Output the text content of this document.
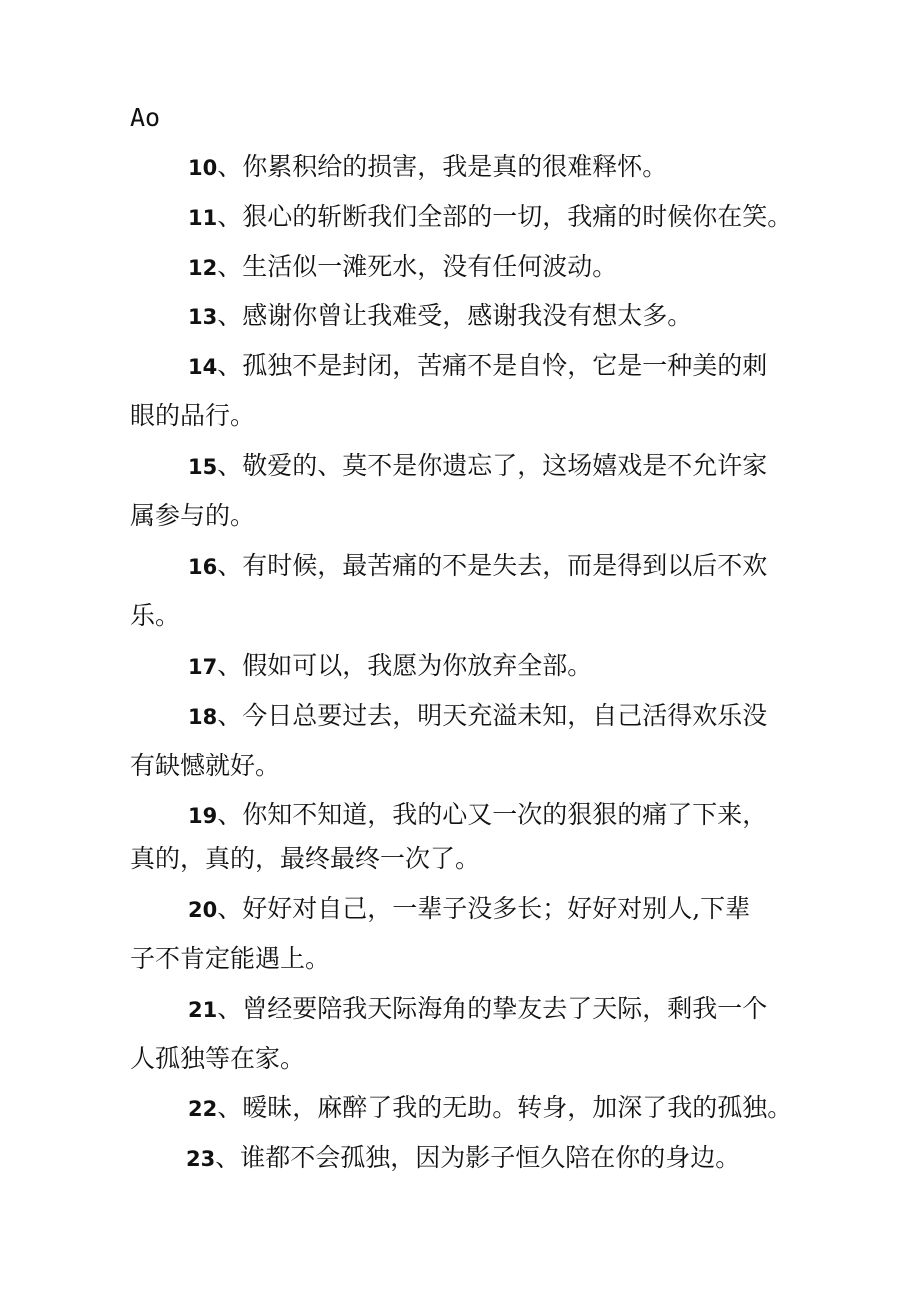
Ao
10、你累积给的损害，我是真的很难释怀。
11、狠心的斩断我们全部的一切，我痛的时候你在笑。
12、生活似一滩死水，没有任何波动。
13、感谢你曾让我难受，感谢我没有想太多。
14、孤独不是封闭，苦痛不是自怜，它是一种美的刺
眼的品行。
15、敬爱的、莫不是你遗忘了，这场嬉戏是不允许家
属参与的。
16、有时候，最苦痛的不是失去，而是得到以后不欢
乐。
17、假如可以，我愿为你放弃全部。
18、今日总要过去，明天充溢未知，自己活得欢乐没
有缺憾就好。
19、你知不知道，我的心又一次的狠狠的痛了下来，
真的，真的，最终最终一次了。
20、好好对自己，一辈子没多长；好好对别人,下辈
子不肯定能遇上。
21、曾经要陪我天际海角的挚友去了天际，剩我一个
人孤独等在家。
22、暧昧，麻醉了我的无助。转身，加深了我的孤独。
23、谁都不会孤独，因为影子恒久陪在你的身边。
